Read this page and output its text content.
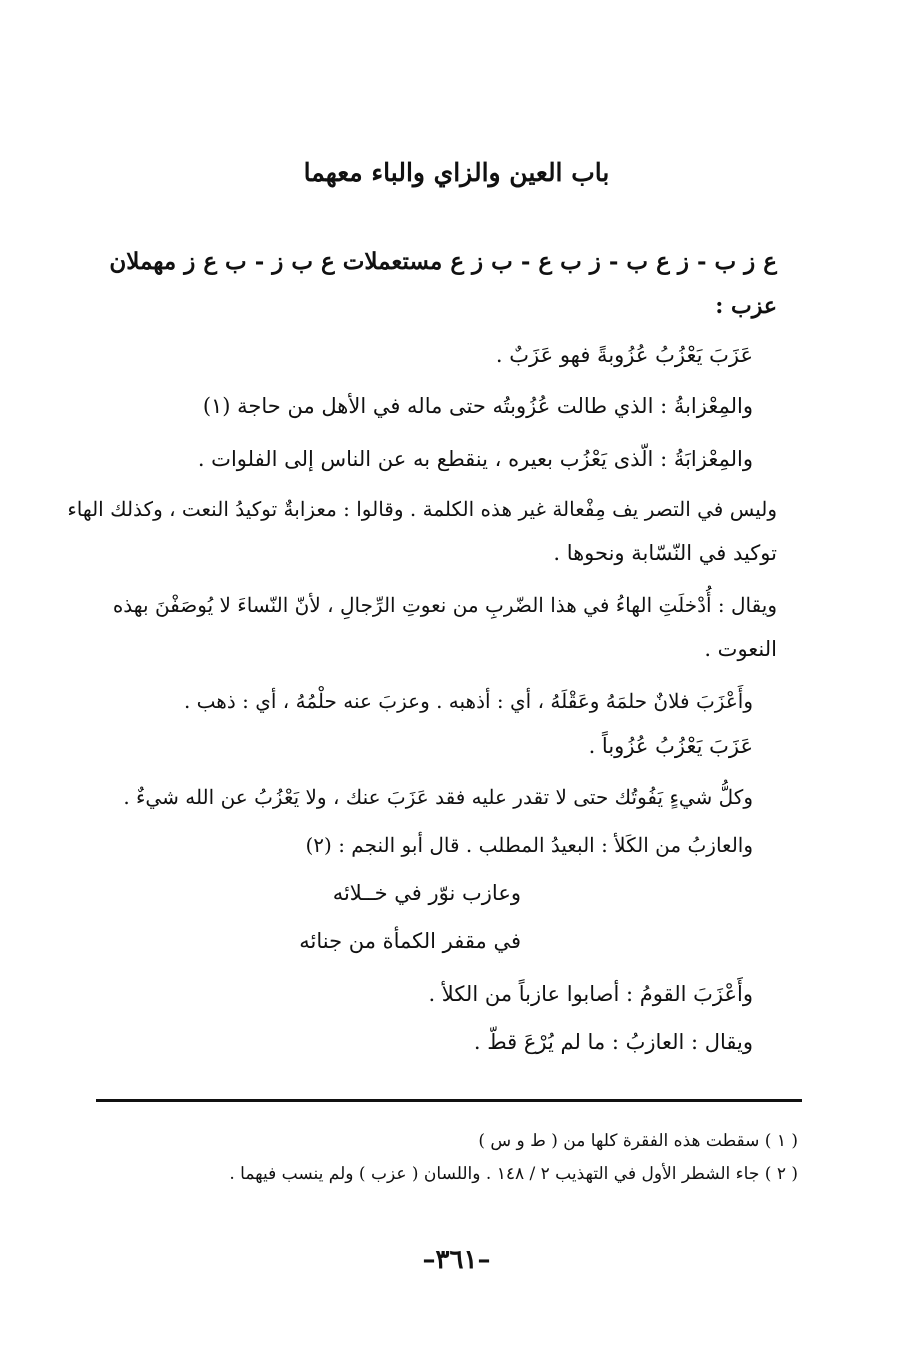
باب العين والزاي والباء معهما
ع ز ب - ز ع ب - ز ب ع - ب ز ع مستعملات ع ب ز - ب ع ز مهملان
عزب :
عَزَبَ يَعْزُبُ عُزُوبةً فهو عَزَبٌ .
والمِعْزابةُ : الذي طالت عُزُوبتُه حتى ماله في الأهل من حاجة (١)
والمِعْزابَةُ : الّذى يَعْزُب بعيره ، ينقطع به عن الناس إلى الفلوات .
وليس في التصر يف مِفْعالة غير هذه الكلمة . وقالوا : معزابةٌ توكيدُ النعت ، وكذلك الهاء
توكيد في النّسّابة ونحوها .
ويقال : أُدْخلَتِ الهاءُ في هذا الضّربِ من نعوتِ الرِّجالِ ، لأنّ النّساءَ لا يُوصَفْنَ بهذه
النعوت .
وأَعْزَبَ فلانٌ حلمَهُ وعَقْلَهُ ، أي : أذهبه . وعزبَ عنه حلْمُهُ ، أي : ذهب .
عَزَبَ يَعْزُبُ عُزُوباً .
وكلُّ شيءٍ يَفُوتُك حتى لا تقدر عليه فقد عَزَبَ عنك ، ولا يَعْزُبُ عن الله شيءٌ .
والعازبُ من الكَلأ : البعيدُ المطلب . قال أبو النجم : (٢)
وعازب نوّر في خــلائه
في مقفر الكمأة من جنائه
وأَعْزَبَ القومُ : أصابوا عازباً من الكلأ .
ويقال : العازبُ : ما لم يُرْعَ قطّ .
( ١ ) سقطت هذه الفقرة كلها من ( ط و س )
( ٢ ) جاء الشطر الأول في التهذيب ٢ / ١٤٨ . واللسان ( عزب ) ولم ينسب فيهما .
–٣٦١–
